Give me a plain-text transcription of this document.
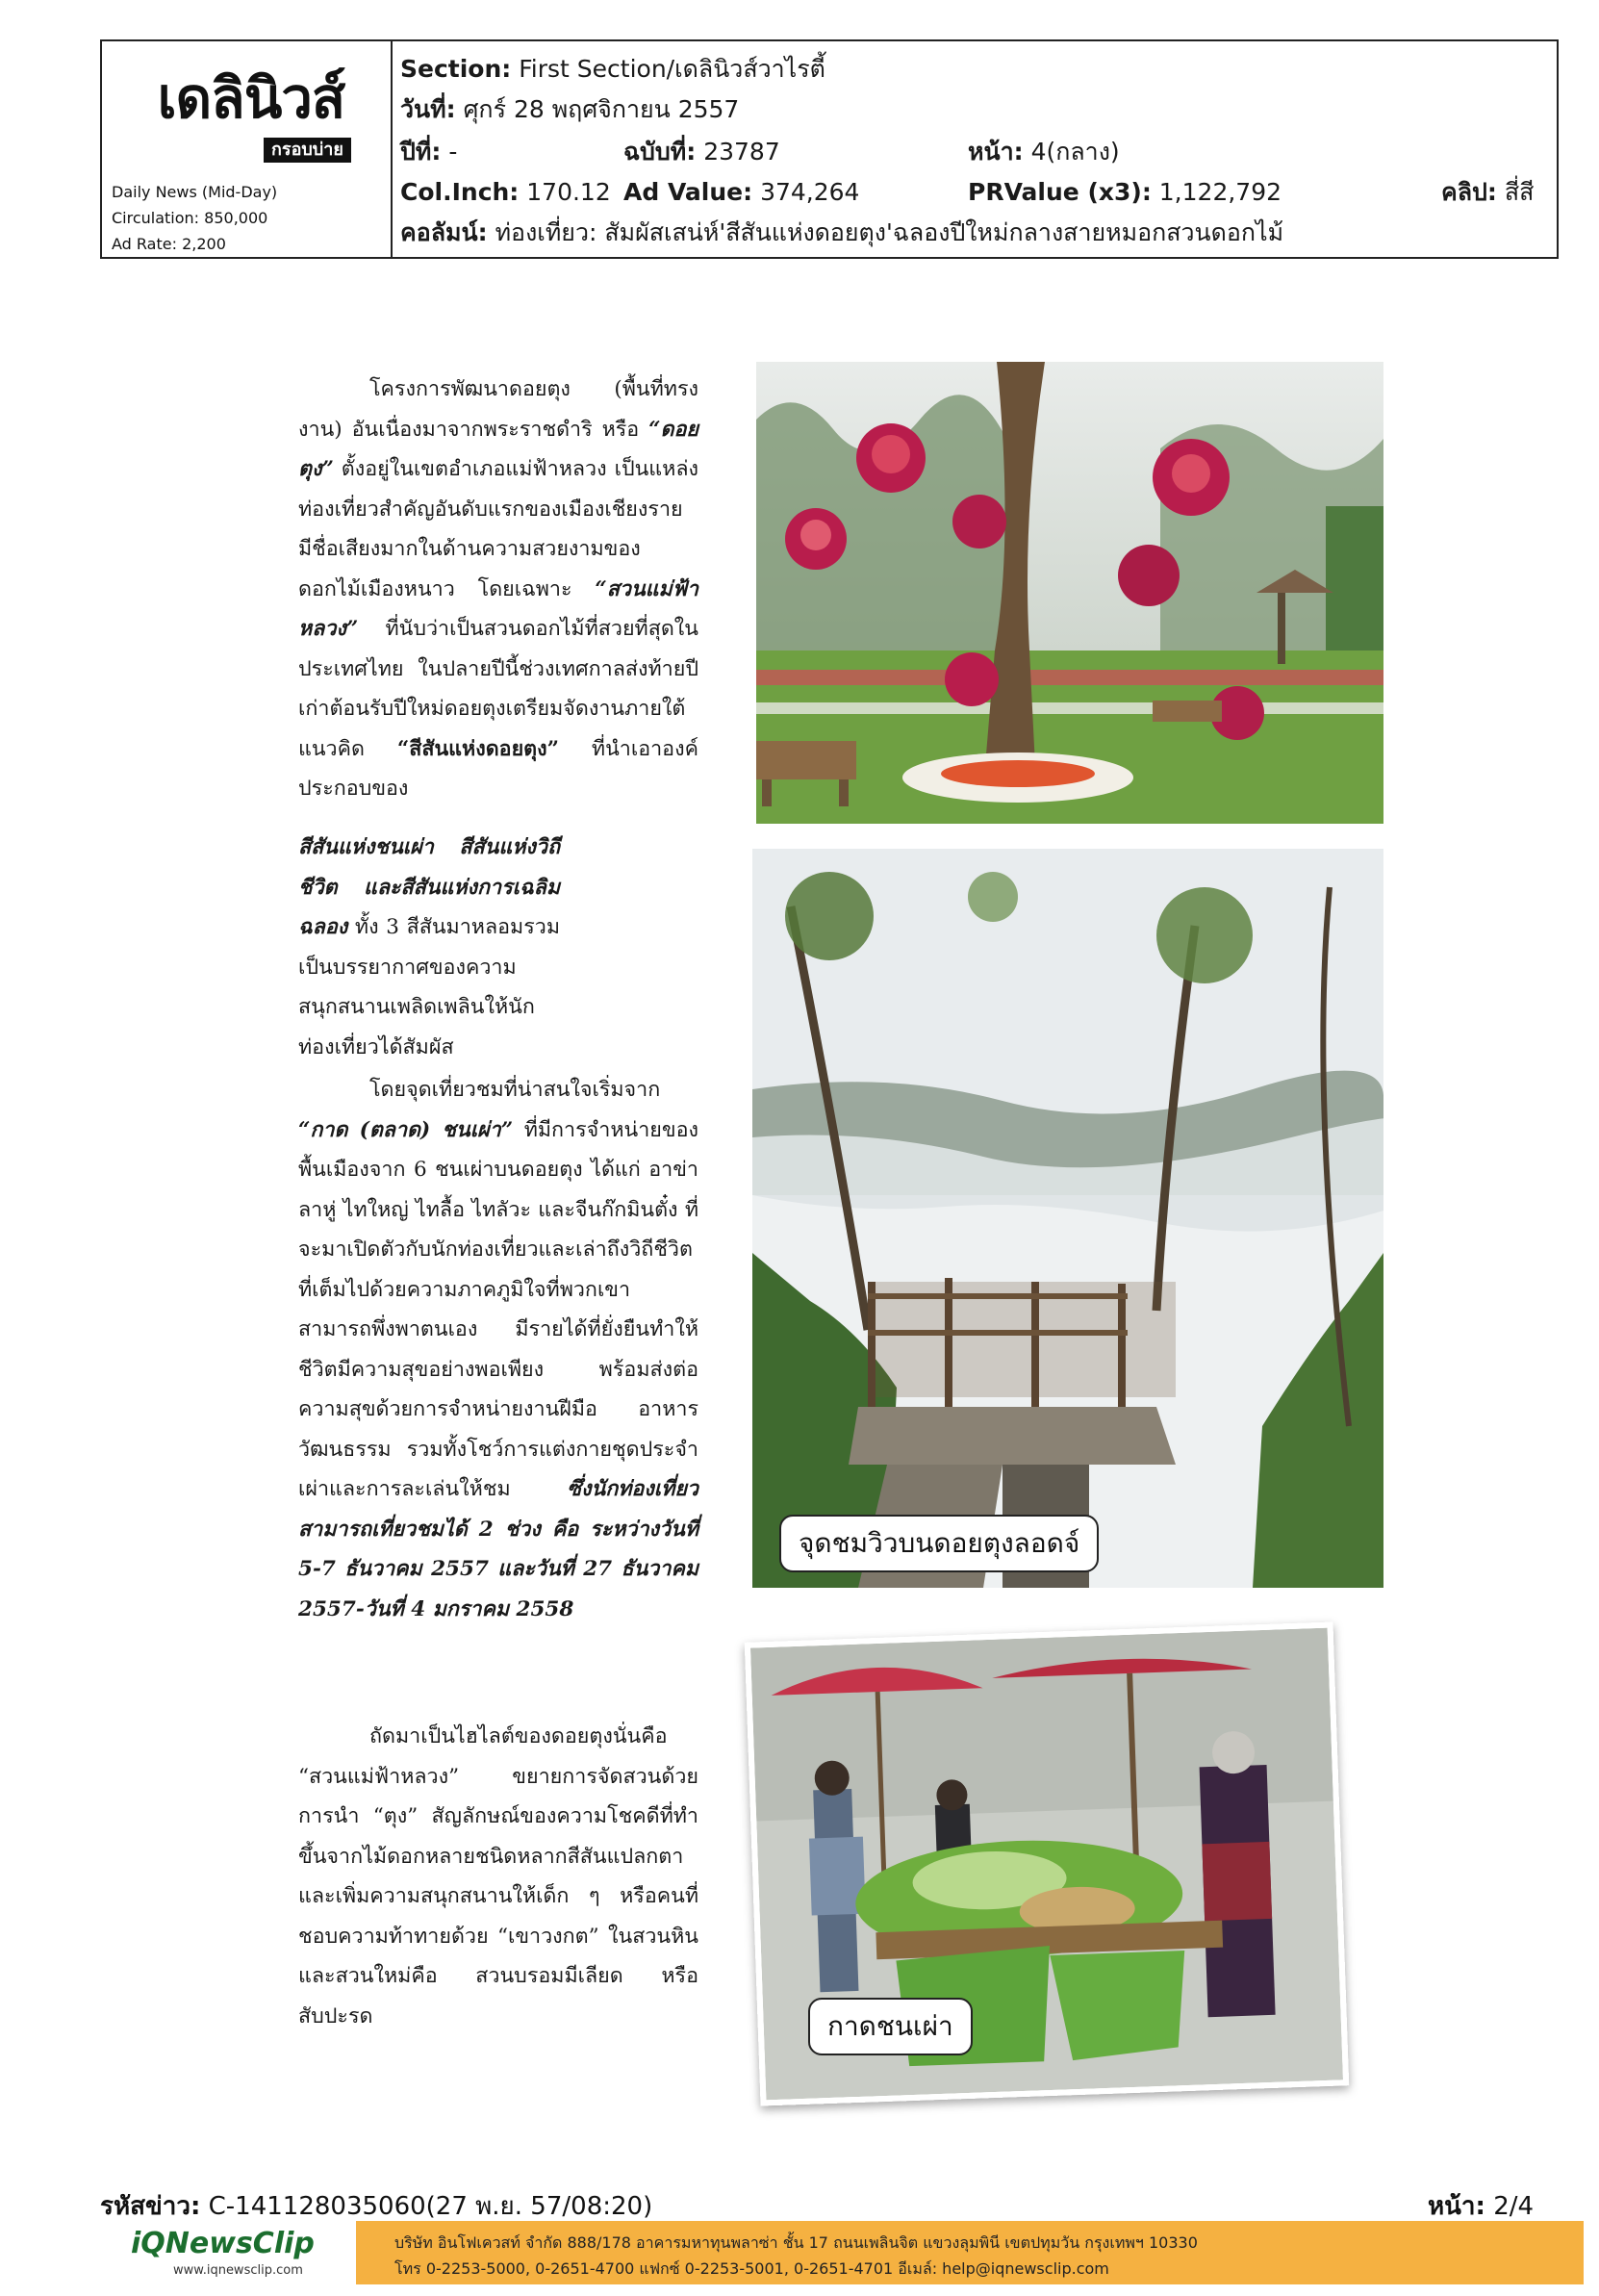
เดลินิวส์
กรอบบ่าย
Daily News (Mid-Day)
Circulation: 850,000
Ad Rate: 2,200
Section: First Section/เดลินิวส์วาไรตี้
วันที่: ศุกร์ 28 พฤศจิกายน 2557
ปีที่: -	ฉบับที่: 23787	หน้า: 4(กลาง)
Col.Inch: 170.12 Ad Value: 374,264	PRValue (x3): 1,122,792	คลิป: สี่สี
คอลัมน์: ท่องเที่ยว: สัมผัสเสน่ห์'สีสันแห่งดอยตุง'ฉลองปีใหม่กลางสายหมอกสวนดอกไม้

โครงการพัฒนาดอยตุง (พื้นที่ทรงงาน) อันเนื่องมาจากพระราชดำริ หรือ “ดอยตุง” ตั้งอยู่ในเขตอำเภอแม่ฟ้าหลวง เป็นแหล่งท่องเที่ยวสำคัญอันดับแรกของเมืองเชียงราย มีชื่อเสียงมากในด้านความสวยงามของดอกไม้เมืองหนาว โดยเฉพาะ “สวนแม่ฟ้าหลวง” ที่นับว่าเป็นสวนดอกไม้ที่สวยที่สุดในประเทศไทย ในปลายปีนี้ช่วงเทศกาลส่งท้ายปีเก่าต้อนรับปีใหม่ดอยตุงเตรียมจัดงานภายใต้แนวคิด “สีสันแห่งดอยตุง” ที่นำเอาองค์ประกอบของ

สีสันแห่งชนเผ่า สีสันแห่งวิถีชีวิต และสีสันแห่งการเฉลิมฉลอง ทั้ง 3 สีสันมาหลอมรวมเป็นบรรยากาศของความสนุกสนานเพลิดเพลินให้นักท่องเที่ยวได้สัมผัส

โดยจุดเที่ยวชมที่น่าสนใจเริ่มจาก “กาด (ตลาด) ชนเผ่า” ที่มีการจำหน่ายของพื้นเมืองจาก 6 ชนเผ่าบนดอยตุง ได้แก่ อาข่า ลาหู่ ไทใหญ่ ไทลื้อ ไทลัวะ และจีนก๊กมินตั๋ง ที่จะมาเปิดตัวกับนักท่องเที่ยวและเล่าถึงวิถีชีวิตที่เต็มไปด้วยความภาคภูมิใจที่พวกเขาสามารถพึ่งพาตนเอง มีรายได้ที่ยั่งยืนทำให้ชีวิตมีความสุขอย่างพอเพียง พร้อมส่งต่อความสุขด้วยการจำหน่ายงานฝีมือ อาหาร วัฒนธรรม รวมทั้งโชว์การแต่งกายชุดประจำเผ่าและการละเล่นให้ชม	ซึ่งนักท่องเที่ยวสามารถเที่ยวชมได้ 2 ช่วง คือ ระหว่างวันที่ 5-7 ธันวาคม 2557 และวันที่ 27 ธันวาคม 2557-วันที่ 4 มกราคม 2558

ถัดมาเป็นไฮไลต์ของดอยตุงนั่นคือ “สวนแม่ฟ้าหลวง” ขยายการจัดสวนด้วยการนำ “ตุง” สัญลักษณ์ของความโชคดีที่ทำขึ้นจากไม้ดอกหลายชนิดหลากสีสันแปลกตา และเพิ่มความสนุกสนานให้เด็ก ๆ หรือคนที่ชอบความท้าทายด้วย “เขาวงกต” ในสวนหิน และสวนใหม่คือ สวนบรอมมีเลียด หรือสับปะรด

จุดชมวิวบนดอยตุงลอดจ์
กาดชนเผ่า
รหัสข่าว: C-141128035060(27 พ.ย. 57/08:20)	หน้า: 2/4
iQNewsClip
www.iqnewsclip.com
บริษัท อินโฟเควสท์ จำกัด 888/178 อาคารมหาทุนพลาซ่า ชั้น 17 ถนนเพลินจิต แขวงลุมพินี เขตปทุมวัน กรุงเทพฯ 10330
โทร 0-2253-5000, 0-2651-4700 แฟกซ์ 0-2253-5001, 0-2651-4701 อีเมล์: help@iqnewsclip.com
